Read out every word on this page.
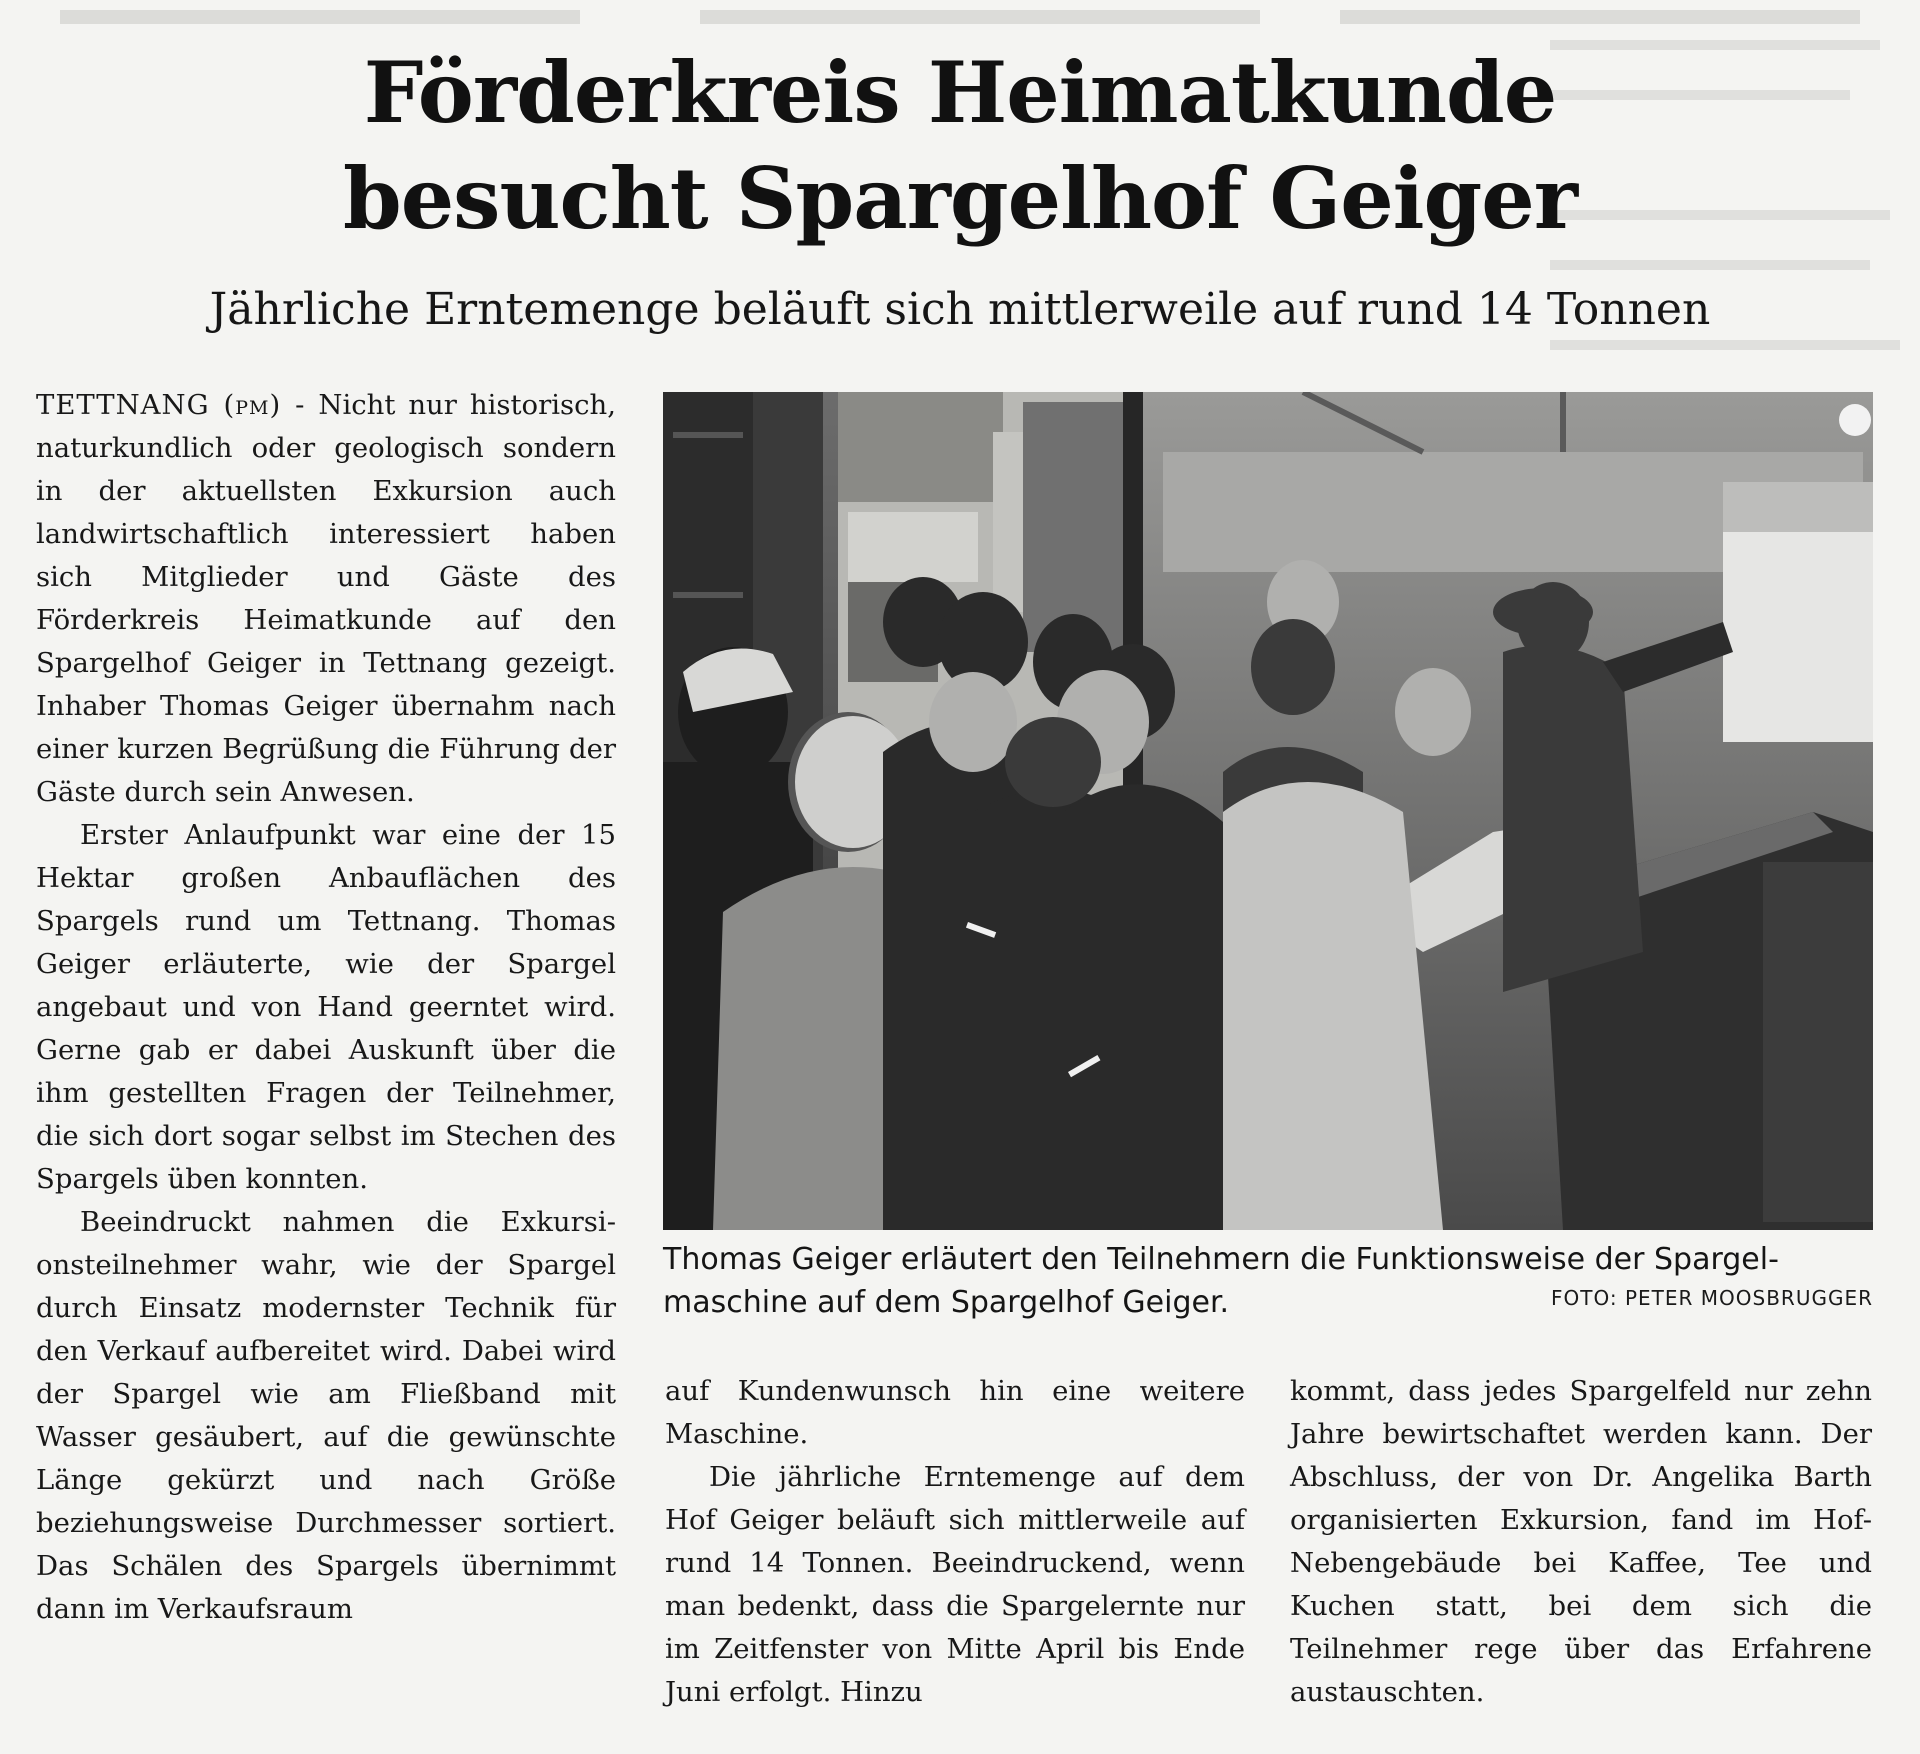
Förderkreis Heimatkunde
besucht Spargelhof Geiger
Jährliche Erntemenge beläuft sich mittlerweile auf rund 14 Tonnen

TETTNANG (pm) - Nicht nur historisch, naturkundlich oder geologisch sondern in der aktuellsten Exkursion auch landwirtschaftlich interessiert haben sich Mitglieder und Gäste des Förderkreis Heimatkunde auf den Spargelhof Geiger in Tettnang gezeigt. Inhaber Thomas Geiger übernahm nach einer kurzen Begrüßung die Führung der Gäste durch sein Anwesen.

Erster Anlaufpunkt war eine der 15 Hektar großen Anbauflächen des Spargels rund um Tettnang. Thomas Geiger erläuterte, wie der Spargel angebaut und von Hand geerntet wird. Gerne gab er dabei Auskunft über die ihm gestellten Fragen der Teilnehmer, die sich dort sogar selbst im Stechen des Spargels üben konnten.

Beeindruckt nahmen die Exkursionsteilnehmer wahr, wie der Spargel durch Einsatz modernster Technik für den Verkauf aufbereitet wird. Dabei wird der Spargel wie am Fließband mit Wasser gesäubert, auf die gewünschte Länge gekürzt und nach Größe beziehungsweise Durchmesser sortiert. Das Schälen des Spargels übernimmt dann im Verkaufsraum

Thomas Geiger erläutert den Teilnehmern die Funktionsweise der Spargelmaschine auf dem Spargelhof Geiger.	FOTO: PETER MOOSBRUGGER

auf Kundenwunsch hin eine weitere Maschine.

Die jährliche Erntemenge auf dem Hof Geiger beläuft sich mittlerweile auf rund 14 Tonnen. Beeindruckend, wenn man bedenkt, dass die Spargelernte nur im Zeitfenster von Mitte April bis Ende Juni erfolgt. Hinzu

kommt, dass jedes Spargelfeld nur zehn Jahre bewirtschaftet werden kann. Der Abschluss, der von Dr. Angelika Barth organisierten Exkursion, fand im Hof-Nebengebäude bei Kaffee, Tee und Kuchen statt, bei dem sich die Teilnehmer rege über das Erfahrene austauschten.
